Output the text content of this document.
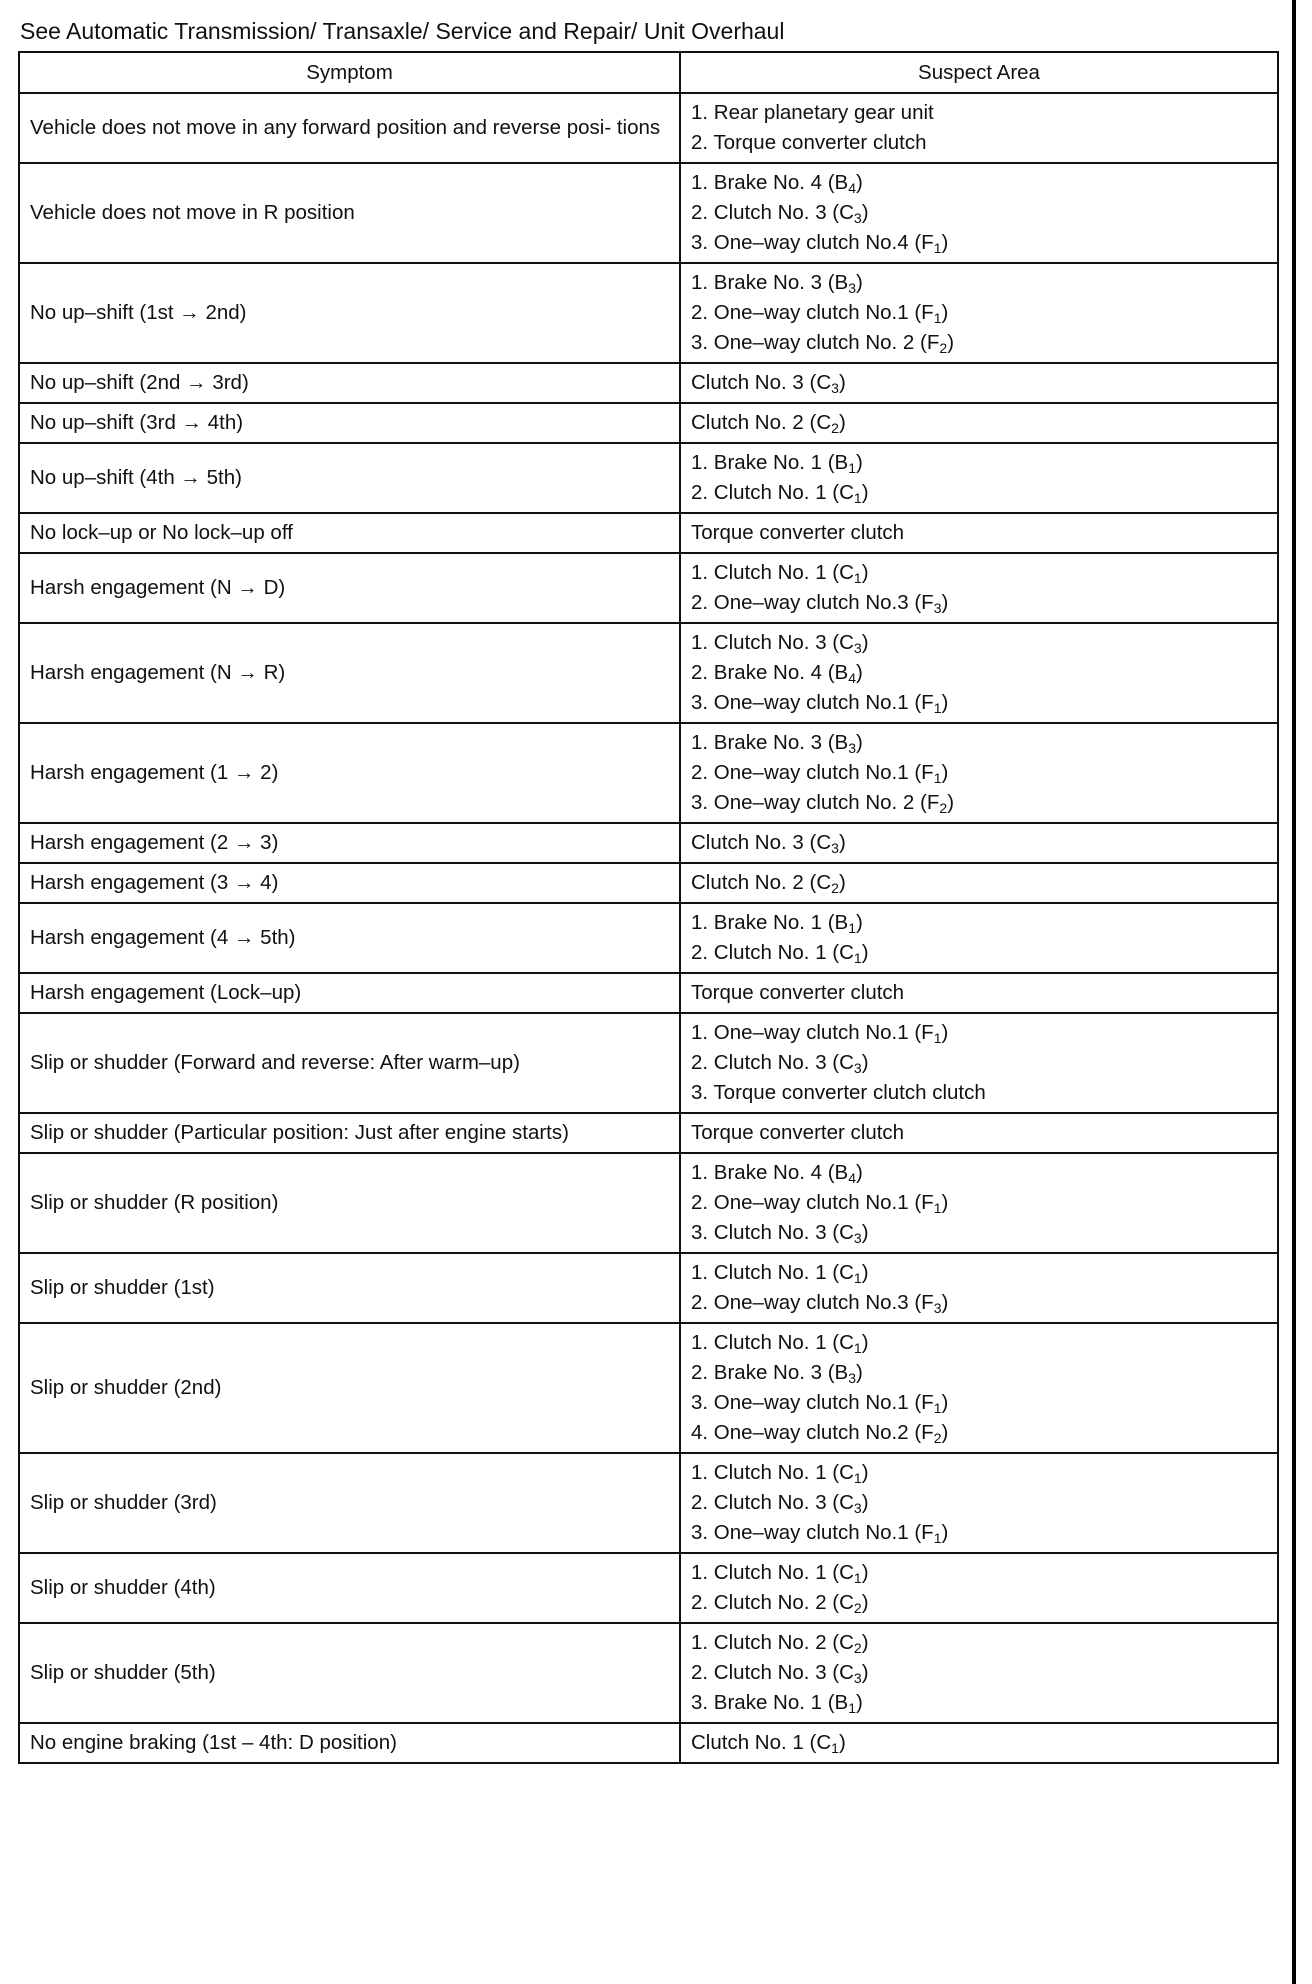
See Automatic Transmission/ Transaxle/ Service and Repair/ Unit Overhaul
Symptom	Suspect Area
Vehicle does not move in any forward position and reverse posi- tions	1. Rear planetary gear unit
2. Torque converter clutch

Vehicle does not move in R position	1. Brake No. 4 $(B_4)$
2. Clutch No. 3 $(C_3)$
3. One–way clutch No.4 $(F_1)$

No up–shift (1st → 2nd)	1. Brake No. 3 $(B_3)$
2. One–way clutch No.1 $(F_1)$
3. One–way clutch No. 2 $(F_2)$

No up–shift (2nd → 3rd)	Clutch No. 3 $(C_3)$

No up–shift (3rd → 4th)	Clutch No. 2 $(C_2)$

No up–shift (4th → 5th)	1. Brake No. 1 $(B_1)$
2. Clutch No. 1 $(C_1)$

No lock–up or No lock–up off	Torque converter clutch

Harsh engagement (N → D)	1. Clutch No. 1 $(C_1)$
2. One–way clutch No.3 $(F_3)$

Harsh engagement (N → R)	1. Clutch No. 3 $(C_3)$
2. Brake No. 4 $(B_4)$
3. One–way clutch No.1 $(F_1)$

Harsh engagement (1 → 2)	1. Brake No. 3 $(B_3)$
2. One–way clutch No.1 $(F_1)$
3. One–way clutch No. 2 $(F_2)$

Harsh engagement (2 → 3)	Clutch No. 3 $(C_3)$

Harsh engagement (3 → 4)	Clutch No. 2 $(C_2)$

Harsh engagement (4 → 5th)	1. Brake No. 1 $(B_1)$
2. Clutch No. 1 $(C_1)$

Harsh engagement (Lock–up)	Torque converter clutch

Slip or shudder (Forward and reverse: After warm–up)	1. One–way clutch No.1 $(F_1)$
2. Clutch No. 3 $(C_3)$
3. Torque converter clutch clutch

Slip or shudder (Particular position: Just after engine starts)	Torque converter clutch

Slip or shudder (R position)	1. Brake No. 4 $(B_4)$
2. One–way clutch No.1 $(F_1)$
3. Clutch No. 3 $(C_3)$

Slip or shudder (1st)	1. Clutch No. 1 $(C_1)$
2. One–way clutch No.3 $(F_3)$

Slip or shudder (2nd)	1. Clutch No. 1 $(C_1)$
2. Brake No. 3 $(B_3)$
3. One–way clutch No.1 $(F_1)$
4. One–way clutch No.2 $(F_2)$

Slip or shudder (3rd)	1. Clutch No. 1 $(C_1)$
2. Clutch No. 3 $(C_3)$
3. One–way clutch No.1 $(F_1)$

Slip or shudder (4th)	1. Clutch No. 1 $(C_1)$
2. Clutch No. 2 $(C_2)$

Slip or shudder (5th)	1. Clutch No. 2 $(C_2)$
2. Clutch No. 3 $(C_3)$
3. Brake No. 1 $(B_1)$

No engine braking (1st – 4th: D position)	Clutch No. 1 $(C_1)$
